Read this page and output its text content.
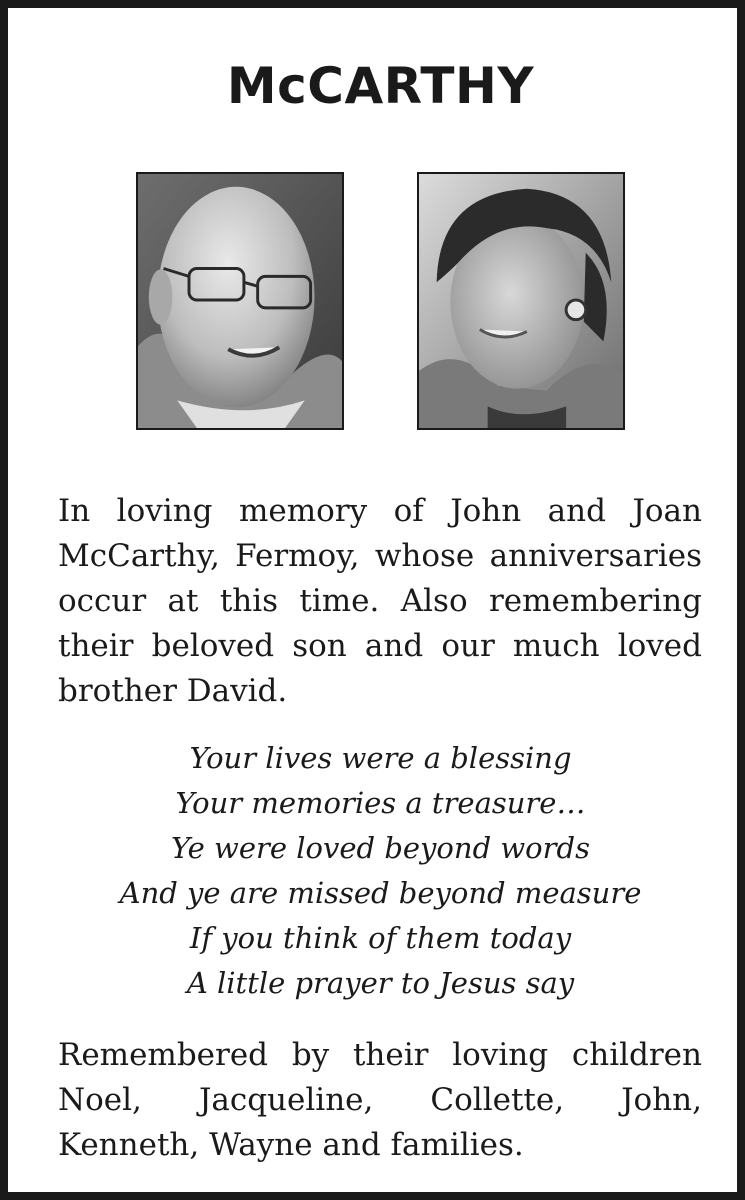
McCARTHY

In loving memory of John and Joan McCarthy, Fermoy, whose anniversaries occur at this time. Also remembering their beloved son and our much loved brother David.

Your lives were a blessing
Your memories a treasure…
Ye were loved beyond words
And ye are missed beyond measure
If you think of them today
A little prayer to Jesus say

Remembered by their loving children Noel, Jacqueline, Collette, John, Kenneth, Wayne and families.
